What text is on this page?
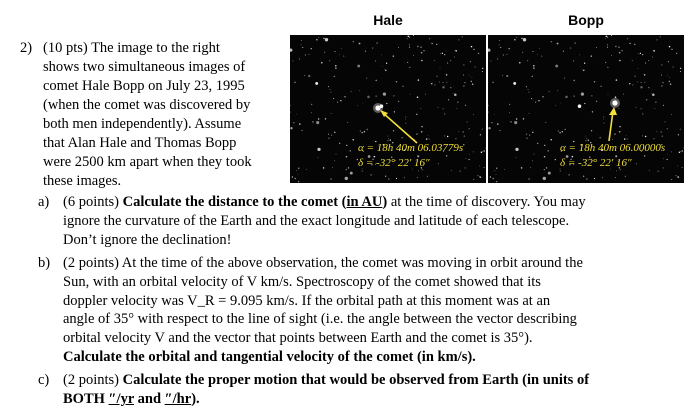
Hale	Bopp
α = 18h 40m 06.03779s
δ = -32° 22′ 16″
α = 18h 40m 06.00000s
δ = -32° 22′ 16″
2) (10 pts) The image to the right
shows two simultaneous images of
comet Hale Bopp on July 23, 1995
(when the comet was discovered by
both men independently). Assume
that Alan Hale and Thomas Bopp
were 2500 km apart when they took
these images.
a) (6 points) Calculate the distance to the comet (in AU) at the time of discovery. You may
ignore the curvature of the Earth and the exact longitude and latitude of each telescope.
Don’t ignore the declination!
b) (2 points) At the time of the above observation, the comet was moving in orbit around the
Sun, with an orbital velocity of V km/s. Spectroscopy of the comet showed that its
doppler velocity was V_R = 9.095 km/s. If the orbital path at this moment was at an
angle of 35° with respect to the line of sight (i.e. the angle between the vector describing
orbital velocity V and the vector that points between Earth and the comet is 35°).
Calculate the orbital and tangential velocity of the comet (in km/s).
c) (2 points) Calculate the proper motion that would be observed from Earth (in units of
BOTH ″/yr and ″/hr).
